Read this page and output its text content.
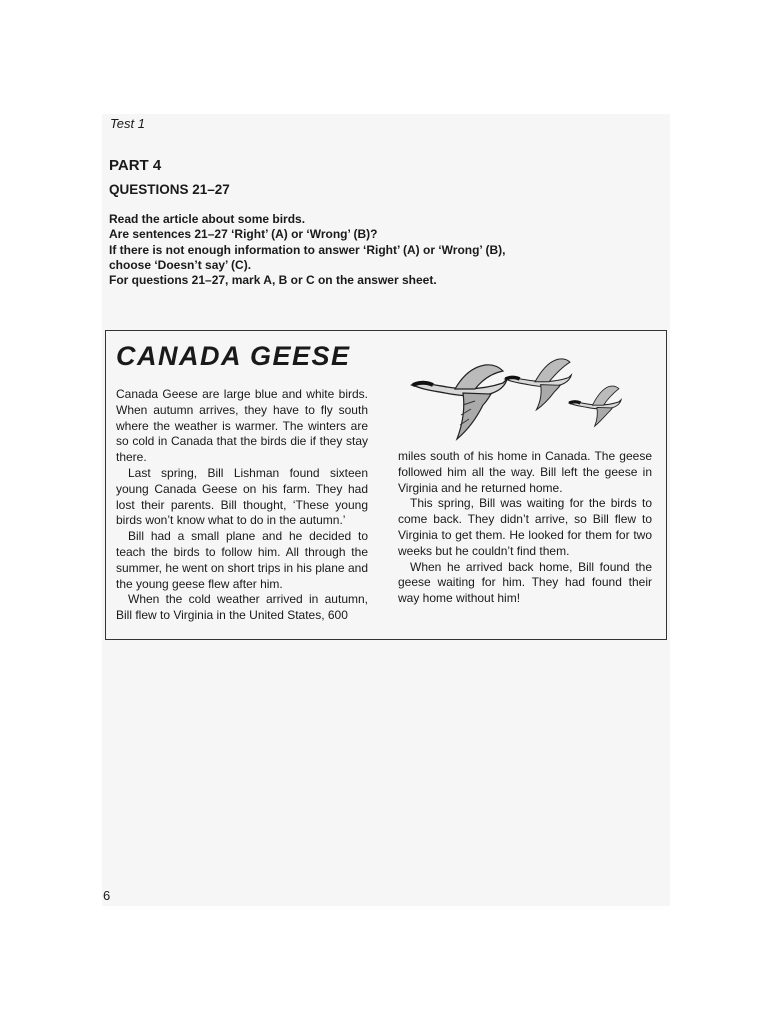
Test 1
PART 4
QUESTIONS 21–27
Read the article about some birds.
Are sentences 21–27 ‘Right’ (A) or ‘Wrong’ (B)?
If there is not enough information to answer ‘Right’ (A) or ‘Wrong’ (B),
choose ‘Doesn’t say’ (C).
For questions 21–27, mark A, B or C on the answer sheet.
CANADA GEESE

Canada Geese are large blue and white birds. When autumn arrives, they have to fly south where the weather is warmer. The winters are so cold in Canada that the birds die if they stay there.

Last spring, Bill Lishman found sixteen young Canada Geese on his farm. They had lost their parents. Bill thought, ‘These young birds won’t know what to do in the autumn.’

Bill had a small plane and he decided to teach the birds to follow him. All through the summer, he went on short trips in his plane and the young geese flew after him.

When the cold weather arrived in autumn, Bill flew to Virginia in the United States, 600

miles south of his home in Canada. The geese followed him all the way. Bill left the geese in Virginia and he returned home.

This spring, Bill was waiting for the birds to come back. They didn’t arrive, so Bill flew to Virginia to get them. He looked for them for two weeks but he couldn’t find them.

When he arrived back home, Bill found the geese waiting for him. They had found their way home without him!

6
